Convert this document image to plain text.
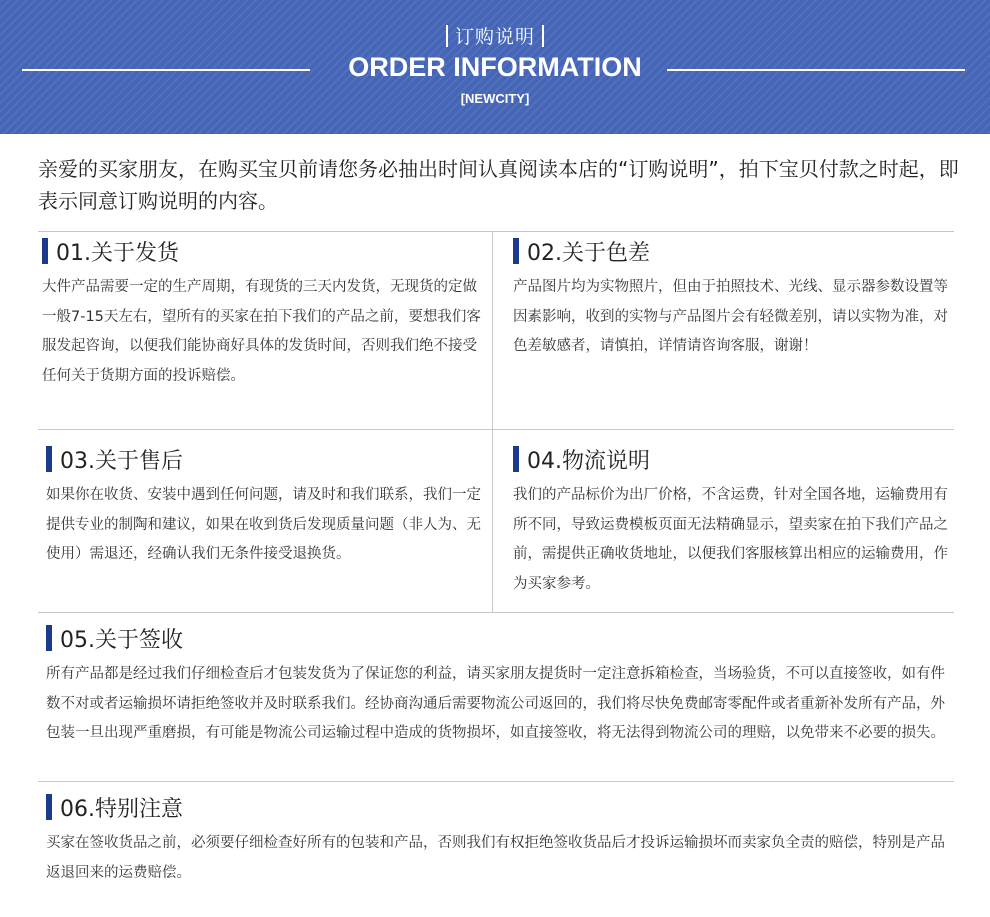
订购说明
ORDER INFORMATION
[NEWCITY]
亲爱的买家朋友，在购买宝贝前请您务必抽出时间认真阅读本店的“订购说明”，拍下宝贝付款之时起，即表示同意订购说明的内容。
01.关于发货
大件产品需要一定的生产周期，有现货的三天内发货，无现货的定做一般7-15天左右，望所有的买家在拍下我们的产品之前，要想我们客服发起咨询，以便我们能协商好具体的发货时间，否则我们绝不接受任何关于货期方面的投诉赔偿。
02.关于色差
产品图片均为实物照片，但由于拍照技术、光线、显示器参数设置等因素影响，收到的实物与产品图片会有轻微差别，请以实物为准，对色差敏感者，请慎拍，详情请咨询客服，谢谢！
03.关于售后
如果你在收货、安装中遇到任何问题，请及时和我们联系，我们一定提供专业的制陶和建议，如果在收到货后发现质量问题（非人为、无使用）需退还，经确认我们无条件接受退换货。
04.物流说明
我们的产品标价为出厂价格，不含运费，针对全国各地，运输费用有所不同，导致运费模板页面无法精确显示，望卖家在拍下我们产品之前，需提供正确收货地址，以便我们客服核算出相应的运输费用，作为买家参考。
05.关于签收
所有产品都是经过我们仔细检查后才包装发货为了保证您的利益，请买家朋友提货时一定注意拆箱检查，当场验货，不可以直接签收，如有件数不对或者运输损坏请拒绝签收并及时联系我们。经协商沟通后需要物流公司返回的，我们将尽快免费邮寄零配件或者重新补发所有产品，外包装一旦出现严重磨损，有可能是物流公司运输过程中造成的货物损坏，如直接签收，将无法得到物流公司的理赔，以免带来不必要的损失。
06.特别注意
买家在签收货品之前，必须要仔细检查好所有的包装和产品，否则我们有权拒绝签收货品后才投诉运输损坏而卖家负全责的赔偿，特别是产品返退回来的运费赔偿。
